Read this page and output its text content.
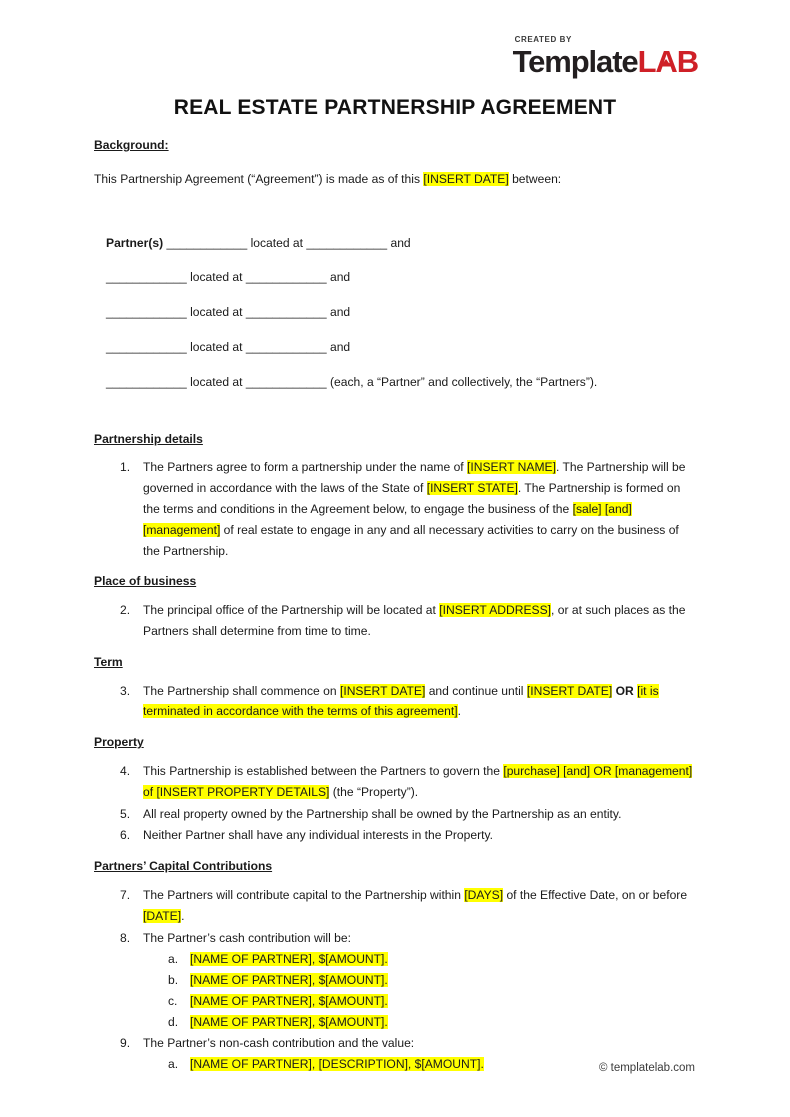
CREATED BY
TemplateLA
B
REAL ESTATE PARTNERSHIP AGREEMENT
Background:

This Partnership Agreement (“Agreement”) is made as of this [INSERT DATE] between:

Partner(s) ____________ located at ____________ and

____________ located at ____________ and

____________ located at ____________ and

____________ located at ____________ and

____________ located at ____________ (each, a “Partner” and collectively, the “Partners”).

Partnership details
1.	The Partners agree to form a partnership under the name of [INSERT NAME]. The Partnership will be governed in accordance with the laws of the State of [INSERT STATE]. The Partnership is formed on the terms and conditions in the Agreement below, to engage the business of the [sale] [and] [management] of real estate to engage in any and all necessary activities to carry on the business of the Partnership.
Place of business
2.	The principal office of the Partnership will be located at [INSERT ADDRESS], or at such places as the Partners shall determine from time to time.
Term
3.	The Partnership shall commence on [INSERT DATE] and continue until [INSERT DATE] OR [it is terminated in accordance with the terms of this agreement].
Property
4.	This Partnership is established between the Partners to govern the [purchase] [and] OR [management] of [INSERT PROPERTY DETAILS] (the “Property”).
5.	All real property owned by the Partnership shall be owned by the Partnership as an entity.
6.	Neither Partner shall have any individual interests in the Property.
Partners’ Capital Contributions
7.	The Partners will contribute capital to the Partnership within [DAYS] of the Effective Date, on or before [DATE].
8.	The Partner’s cash contribution will be:
a. [NAME OF PARTNER], $[AMOUNT].
b. [NAME OF PARTNER], $[AMOUNT].
c.	[NAME OF PARTNER], $[AMOUNT].
d. [NAME OF PARTNER], $[AMOUNT].
9.	The Partner’s non-cash contribution and the value:
a. [NAME OF PARTNER], [DESCRIPTION], $[AMOUNT].	© templatelab.com
